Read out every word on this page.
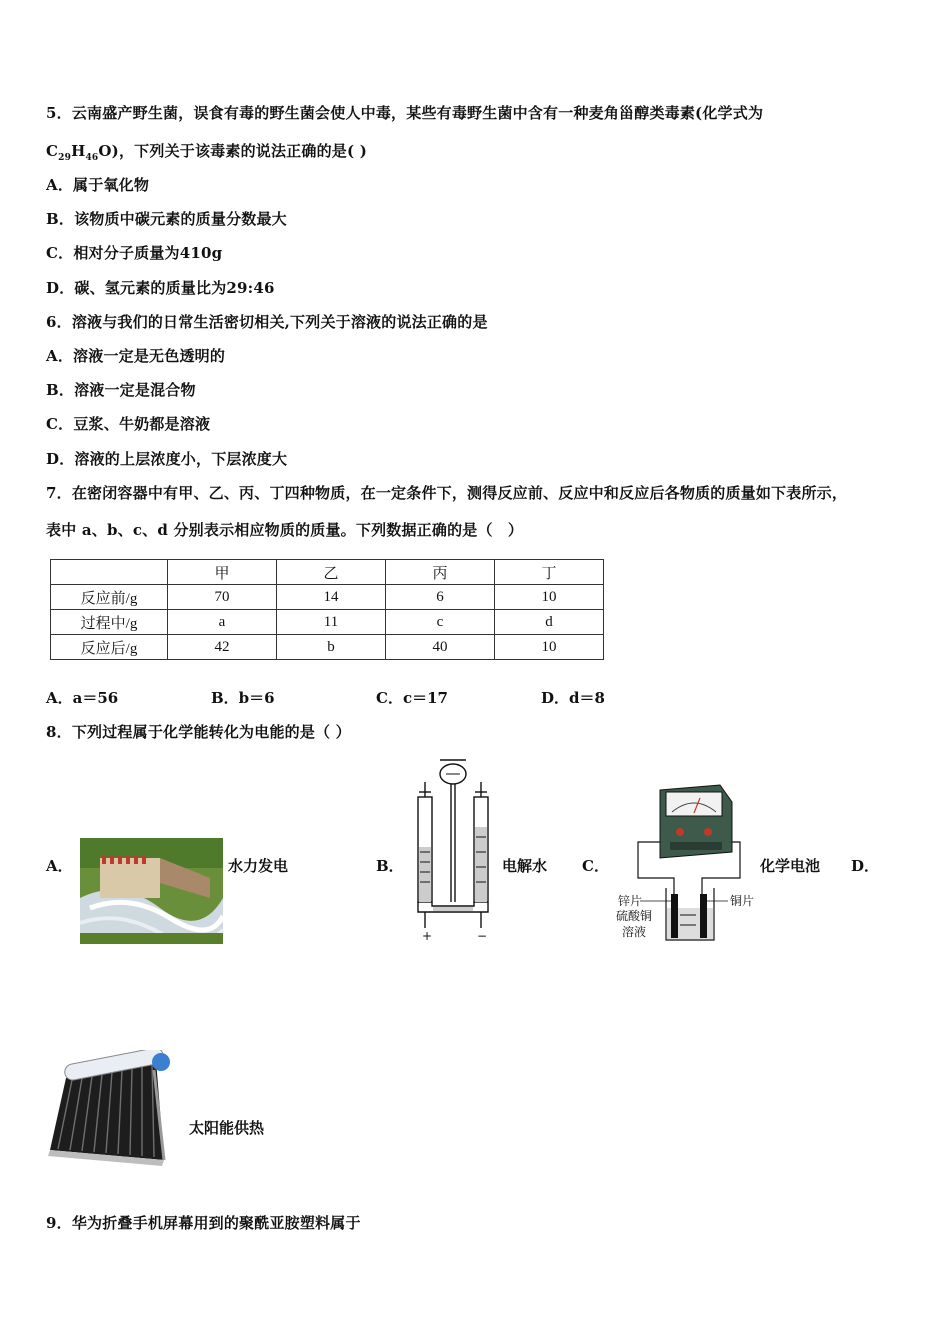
5．云南盛产野生菌，误食有毒的野生菌会使人中毒，某些有毒野生菌中含有一种麦角甾醇类毒素(化学式为
$C_{29}H_{46}O$)，下列关于该毒素的说法正确的是( )
A．属于氧化物
B．该物质中碳元素的质量分数最大
C．相对分子质量为410g
D．碳、氢元素的质量比为29:46
6．溶液与我们的日常生活密切相关,下列关于溶液的说法正确的是
A．溶液一定是无色透明的
B．溶液一定是混合物
C．豆浆、牛奶都是溶液
D．溶液的上层浓度小，下层浓度大
7．在密闭容器中有甲、乙、丙、丁四种物质，在一定条件下，测得反应前、反应中和反应后各物质的质量如下表所示，
表中 a、b、c、d 分别表示相应物质的质量。下列数据正确的是（　）
	甲	乙	丙	丁
反应前/g	70	14	6	10
过程中/g	a	11	c	d
反应后/g	42	b	40	10
A．a＝56	B．b＝6	C．c＝17	D．d＝8
8．下列过程属于化学能转化为电能的是（ ）
A．	水力发电	B．
+	−
电解水 C．
锌片	铜片
硫酸铜
溶液
化学电池 D．
太阳能供热
9．华为折叠手机屏幕用到的聚酰亚胺塑料属于
